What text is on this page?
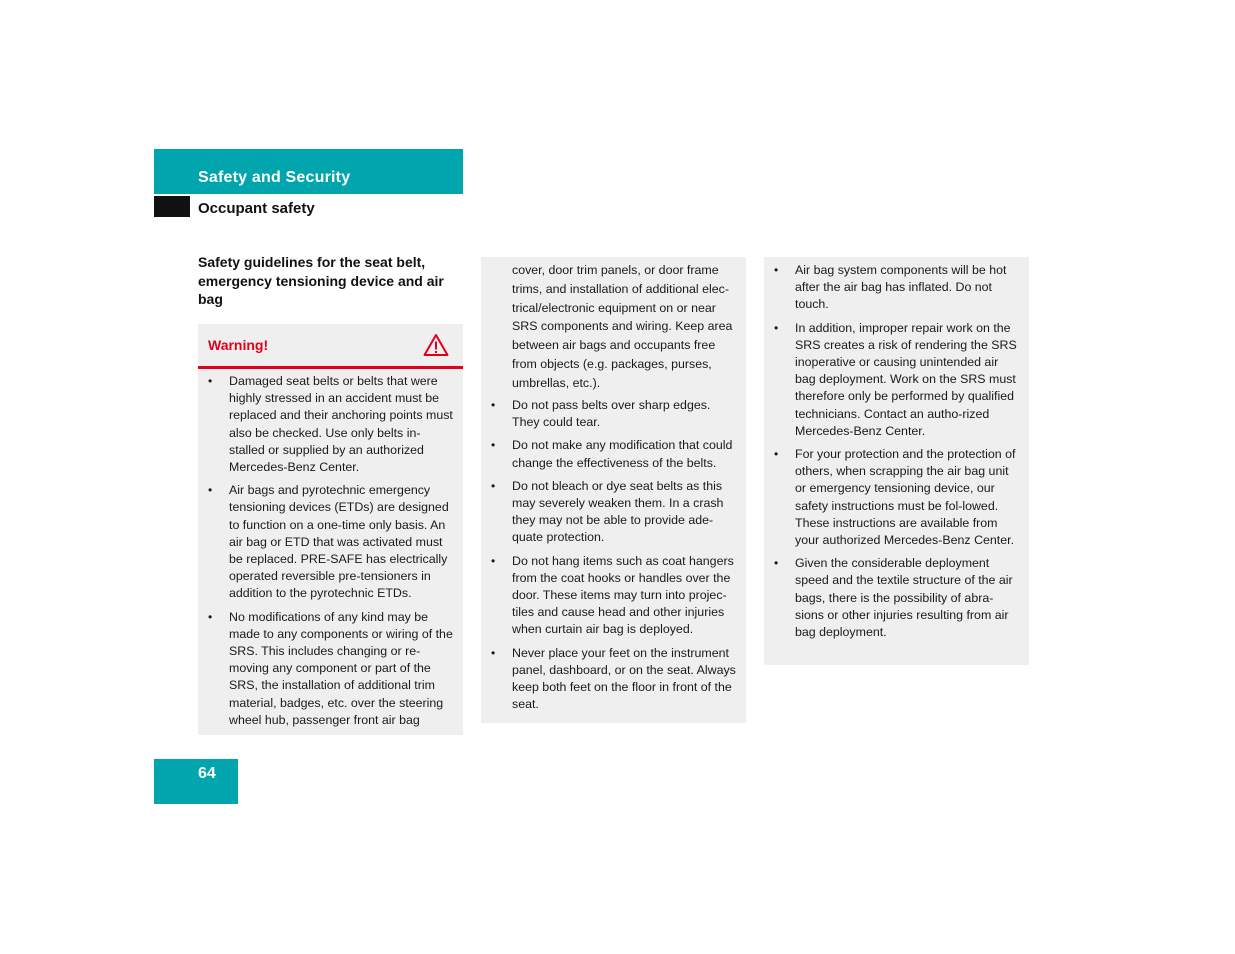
Safety and Security
Occupant safety
Safety guidelines for the seat belt, emergency tensioning device and air bag
Warning!
• Damaged seat belts or belts that were highly stressed in an accident must be replaced and their anchoring points must also be checked. Use only belts in-stalled or supplied by an authorized Mercedes-Benz Center.
• Air bags and pyrotechnic emergency tensioning devices (ETDs) are designed to function on a one-time only basis. An air bag or ETD that was activated must be replaced. PRE-SAFE has electrically operated reversible pre-tensioners in addition to the pyrotechnic ETDs.
• No modifications of any kind may be made to any components or wiring of the SRS. This includes changing or re-moving any component or part of the SRS, the installation of additional trim material, badges, etc. over the steering wheel hub, passenger front air bag
cover, door trim panels, or door frame trims, and installation of additional elec-trical/electronic equipment on or near SRS components and wiring. Keep area between air bags and occupants free from objects (e.g. packages, purses, umbrellas, etc.).
• Do not pass belts over sharp edges. They could tear.
• Do not make any modification that could change the effectiveness of the belts.
• Do not bleach or dye seat belts as this may severely weaken them. In a crash they may not be able to provide ade-quate protection.
• Do not hang items such as coat hangers from the coat hooks or handles over the door. These items may turn into projec-tiles and cause head and other injuries when curtain air bag is deployed.
• Never place your feet on the instrument panel, dashboard, or on the seat. Always keep both feet on the floor in front of the seat.
• Air bag system components will be hot after the air bag has inflated. Do not touch.
• In addition, improper repair work on the SRS creates a risk of rendering the SRS inoperative or causing unintended air bag deployment. Work on the SRS must therefore only be performed by qualified technicians. Contact an autho-rized Mercedes-Benz Center.
• For your protection and the protection of others, when scrapping the air bag unit or emergency tensioning device, our safety instructions must be fol-lowed. These instructions are available from your authorized Mercedes-Benz Center.
• Given the considerable deployment speed and the textile structure of the air bags, there is the possibility of abra-sions or other injuries resulting from air bag deployment.
64
